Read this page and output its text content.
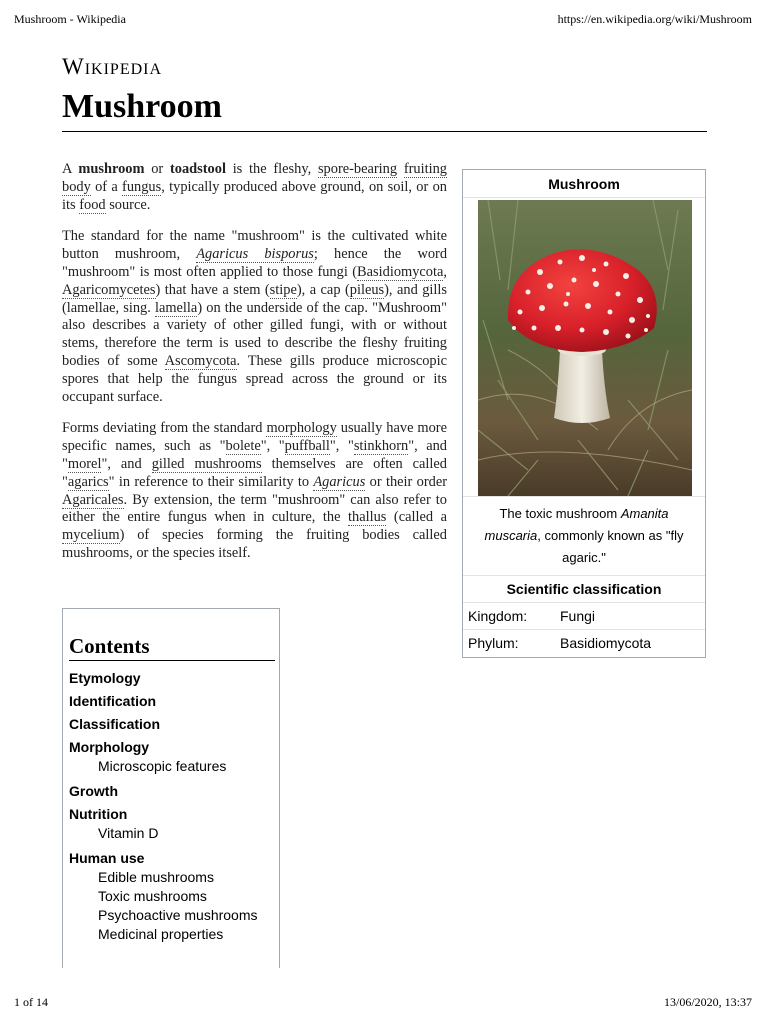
Mushroom - Wikipedia	https://en.wikipedia.org/wiki/Mushroom
Wikipedia
Mushroom

A mushroom or toadstool is the fleshy, spore-bearing fruiting body of a fungus, typically produced above ground, on soil, or on its food source.

The standard for the name "mushroom" is the cultivated white button mushroom, Agaricus bisporus; hence the word "mushroom" is most often applied to those fungi (Basidiomycota, Agaricomycetes) that have a stem (stipe), a cap (pileus), and gills (lamellae, sing. lamella) on the underside of the cap. "Mushroom" also describes a variety of other gilled fungi, with or without stems, therefore the term is used to describe the fleshy fruiting bodies of some Ascomycota. These gills produce microscopic spores that help the fungus spread across the ground or its occupant surface.

Forms deviating from the standard morphology usually have more specific names, such as "bolete", "puffball", "stinkhorn", and "morel", and gilled mushrooms themselves are often called "agarics" in reference to their similarity to Agaricus or their order Agaricales. By extension, the term "mushroom" can also refer to either the entire fungus when in culture, the thallus (called a mycelium) of species forming the fruiting bodies called mushrooms, or the species itself.

Mushroom
The toxic mushroom Amanita muscaria, commonly known as "fly agaric."
Scientific classification
Kingdom:	Fungi
Phylum:	Basidiomycota
Contents
Etymology
Identification
Classification
Morphology
Microscopic features
Growth
Nutrition
Vitamin D
Human use
Edible mushrooms
Toxic mushrooms
Psychoactive mushrooms
Medicinal properties
1 of 14	13/06/2020, 13:37
